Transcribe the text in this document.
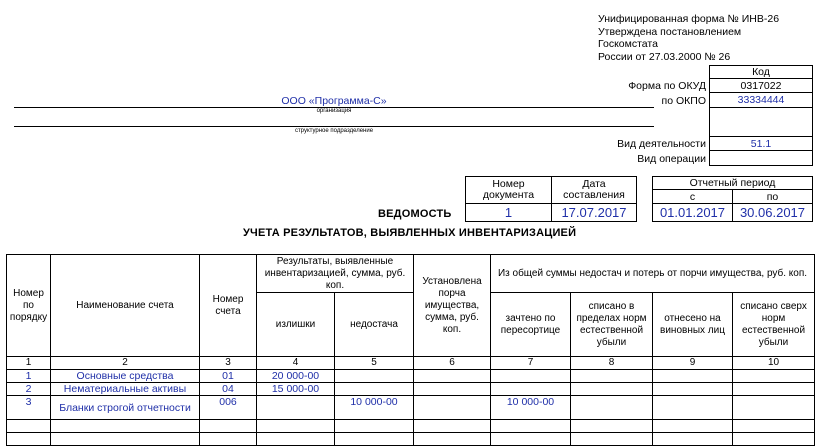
Унифицированная форма № ИНВ-26
Утверждена постановлением
Госкомстата
России от 27.03.2000 № 26
Код
Форма по ОКУД	0317022
по ОКПО	33334444
Вид деятельности	51.1
Вид операции
ООО «Программа-С»
организация
структурное подразделение
Номер документа
Дата составления
1	17.07.2017
Отчетный период
с	по
01.01.2017 30.06.2017
ВЕДОМОСТЬ
УЧЕТА РЕЗУЛЬТАТОВ, ВЫЯВЛЕННЫХ ИНВЕНТАРИЗАЦИЕЙ
Номер по порядку	Наименование счета	Номер счета	Результаты, выявленные инвентаризацией, сумма, руб. коп.		Установлена порча имущества, сумма, руб. коп.	Из общей суммы недостач и потерь от порчи имущества, руб. коп.			
			излишки	недостача		зачтено по пересортице	списано в пределах норм естественной убыли	отнесено на виновных лиц	списано сверх норм естественной убыли
1	2	3	4	5	6	7	8	9	10
1	Основные средства	01	20 000-00						
2	Нематериальные активы	04	15 000-00						
3	Бланки строгой отчетности	006		10 000-00		10 000-00			
